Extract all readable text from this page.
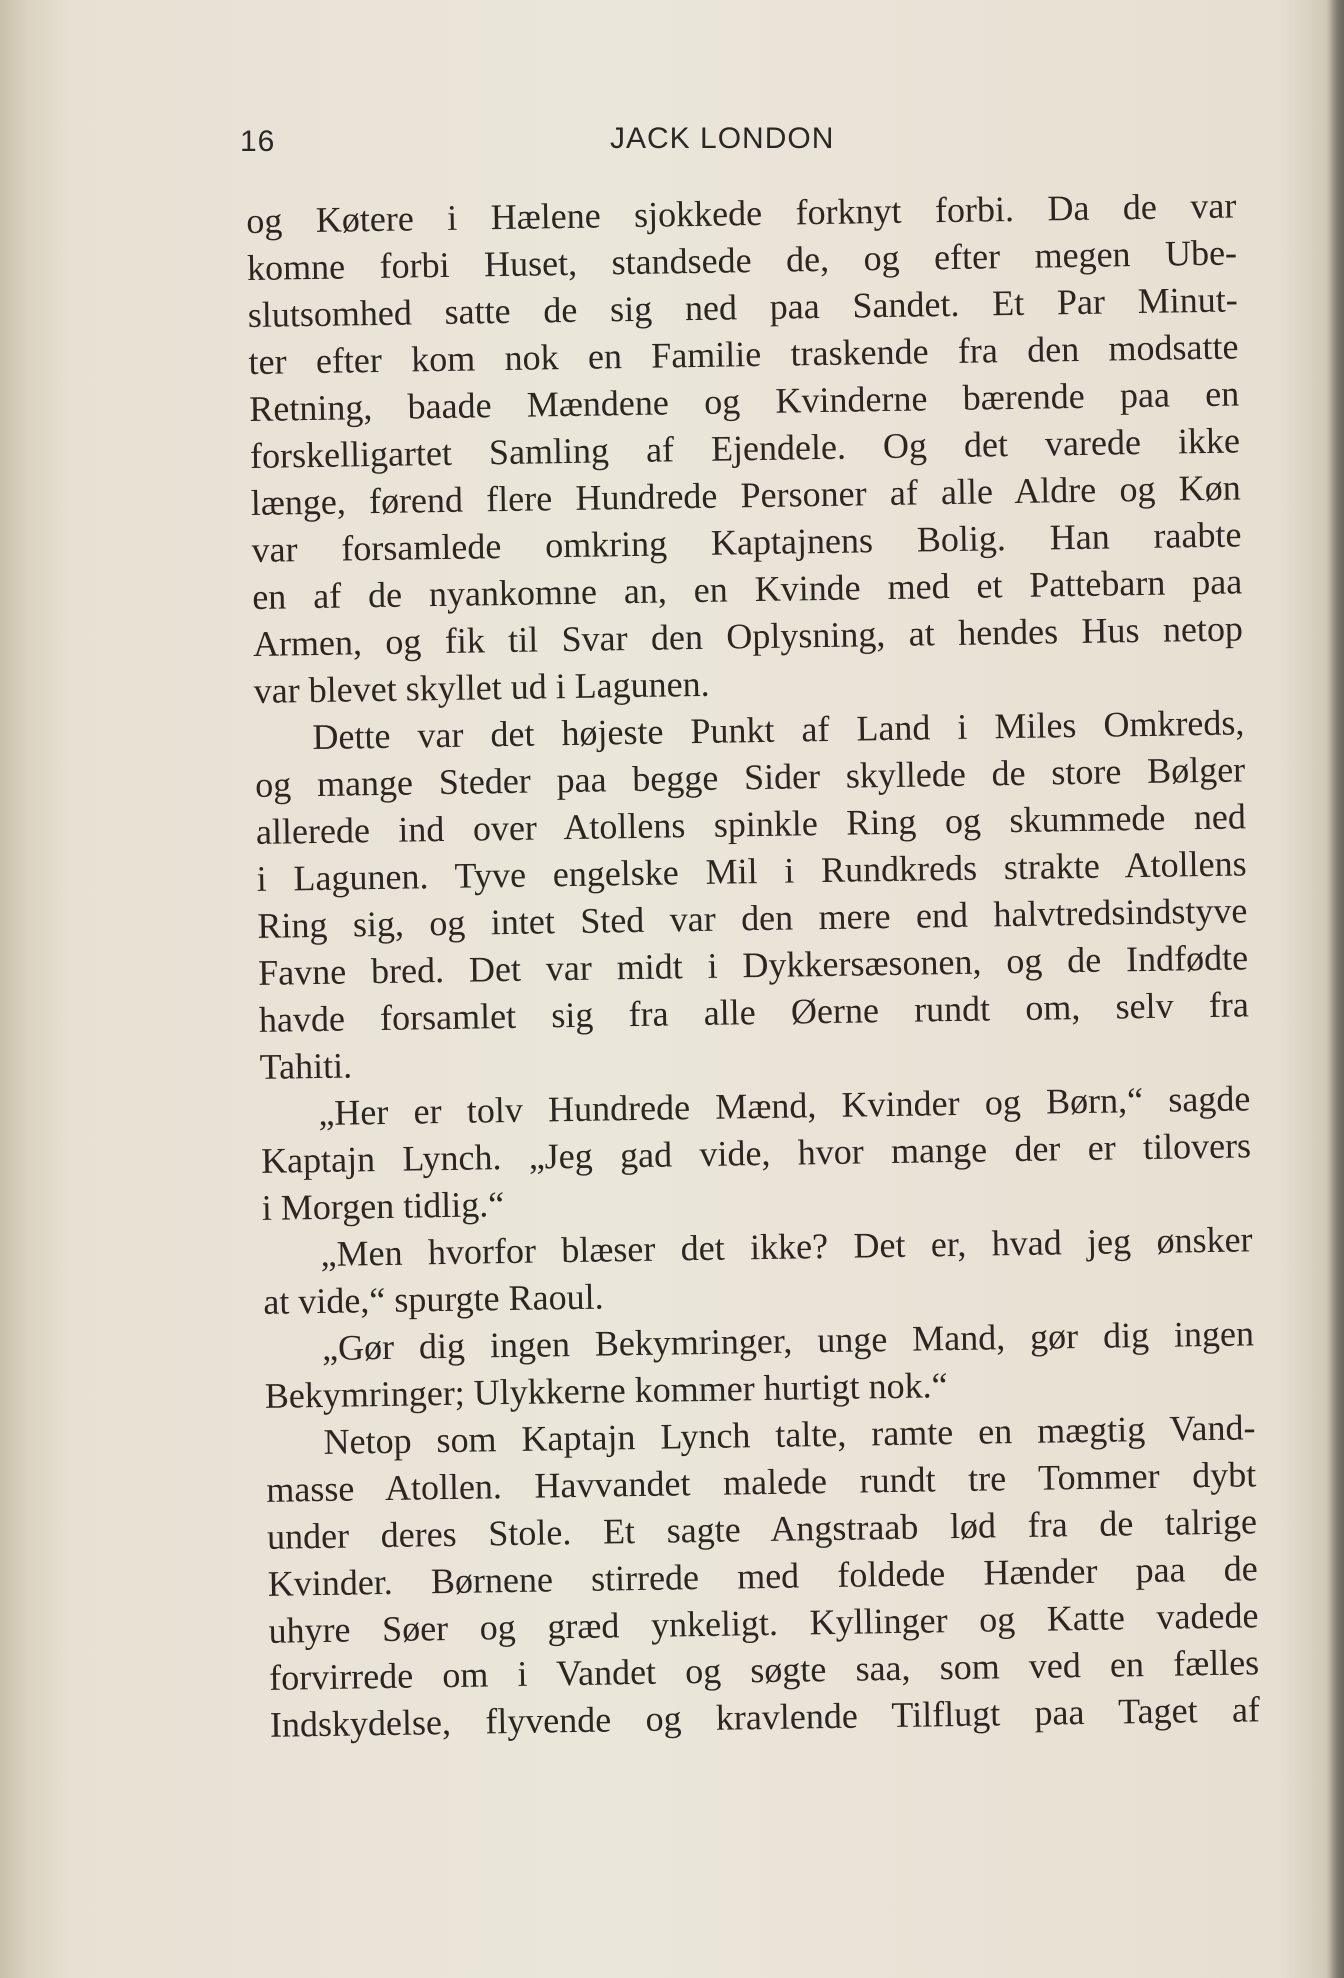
16	JACK LONDON
og Køtere i Hælene sjokkede forknyt forbi. Da de var
komne forbi Huset, standsede de, og efter megen Ube-
slutsomhed satte de sig ned paa Sandet. Et Par Minut-
ter efter kom nok en Familie traskende fra den modsatte
Retning, baade Mændene og Kvinderne bærende paa en
forskelligartet Samling af Ejendele. Og det varede ikke
længe, førend flere Hundrede Personer af alle Aldre og Køn
var forsamlede omkring Kaptajnens Bolig. Han raabte
en af de nyankomne an, en Kvinde med et Pattebarn paa
Armen, og fik til Svar den Oplysning, at hendes Hus netop
var blevet skyllet ud i Lagunen.
Dette var det højeste Punkt af Land i Miles Omkreds,
og mange Steder paa begge Sider skyllede de store Bølger
allerede ind over Atollens spinkle Ring og skummede ned
i Lagunen. Tyve engelske Mil i Rundkreds strakte Atollens
Ring sig, og intet Sted var den mere end halvtredsindstyve
Favne bred. Det var midt i Dykkersæsonen, og de Indfødte
havde forsamlet sig fra alle Øerne rundt om, selv fra
Tahiti.
„Her er tolv Hundrede Mænd, Kvinder og Børn,“ sagde
Kaptajn Lynch. „Jeg gad vide, hvor mange der er tilovers
i Morgen tidlig.“
„Men hvorfor blæser det ikke? Det er, hvad jeg ønsker
at vide,“ spurgte Raoul.
„Gør dig ingen Bekymringer, unge Mand, gør dig ingen
Bekymringer; Ulykkerne kommer hurtigt nok.“
Netop som Kaptajn Lynch talte, ramte en mægtig Vand-
masse Atollen. Havvandet malede rundt tre Tommer dybt
under deres Stole. Et sagte Angstraab lød fra de talrige
Kvinder. Børnene stirrede med foldede Hænder paa de
uhyre Søer og græd ynkeligt. Kyllinger og Katte vadede
forvirrede om i Vandet og søgte saa, som ved en fælles
Indskydelse, flyvende og kravlende Tilflugt paa Taget af
